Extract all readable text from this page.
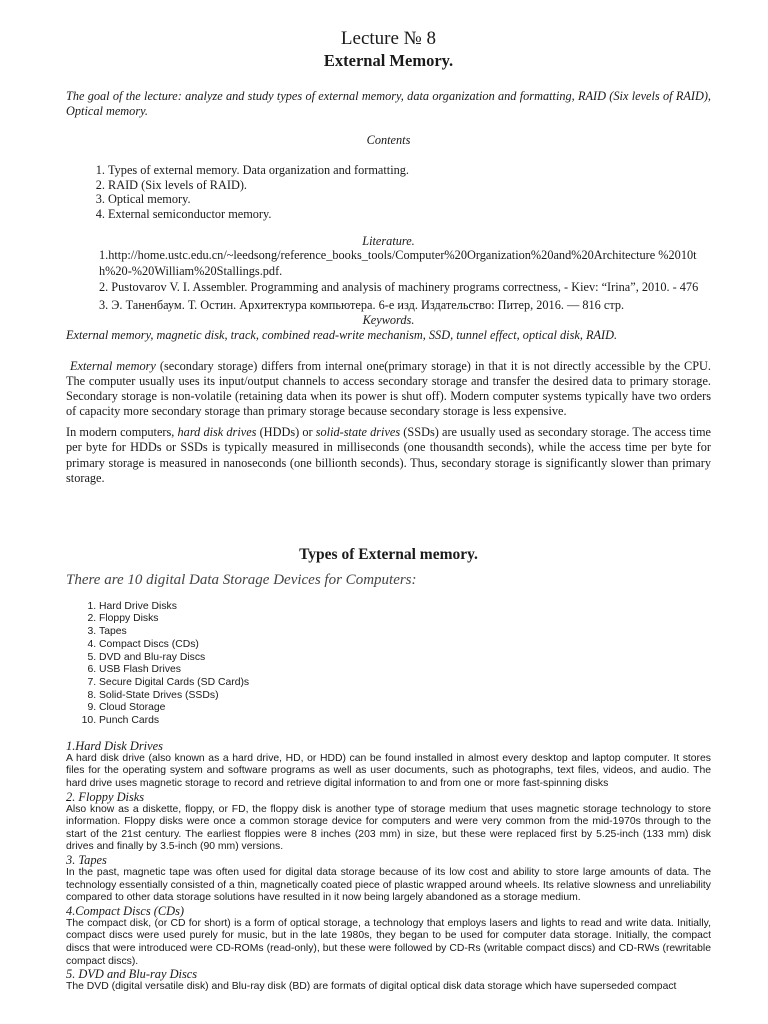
Lecture № 8
External Memory.

The goal of the lecture: analyze and study types of external memory, data organization and formatting, RAID (Six levels of RAID), Optical memory.

Contents

1. Types of external memory. Data organization and formatting.
2. RAID (Six levels of RAID).
3. Optical memory.
4. External semiconductor memory.

Literature.

1.http://home.ustc.edu.cn/~leedsong/reference_books_tools/Computer%20Organization%20and%20Architecture %2010th%20-%20William%20Stallings.pdf.
2. Pustovarov V. I. Assembler. Programming and analysis of machinery programs correctness, - Kiev: “Irina”, 2010. - 476
3. Э. Таненбаум. Т. Остин. Архитектура компьютера. 6-е изд. Издательство: Питер, 2016. — 816 стр.

Keywords.

External memory, magnetic disk, track, combined read-write mechanism, SSD, tunnel effect, optical disk, RAID.

External memory (secondary storage) differs from internal one(primary storage) in that it is not directly accessible by the CPU. The computer usually uses its input/output channels to access secondary storage and transfer the desired data to primary storage. Secondary storage is non-volatile (retaining data when its power is shut off). Modern computer systems typically have two orders of capacity more secondary storage than primary storage because secondary storage is less expensive.

In modern computers, hard disk drives (HDDs) or solid-state drives (SSDs) are usually used as secondary storage. The access time per byte for HDDs or SSDs is typically measured in milliseconds (one thousandth seconds), while the access time per byte for primary storage is measured in nanoseconds (one billionth seconds). Thus, secondary storage is significantly slower than primary storage.

Types of External memory.

There are 10 digital Data Storage Devices for Computers:

1. Hard Drive Disks
2. Floppy Disks
3. Tapes
4. Compact Discs (CDs)
5. DVD and Blu-ray Discs
6. USB Flash Drives
7. Secure Digital Cards (SD Card)s
8. Solid-State Drives (SSDs)
9. Cloud Storage
10. Punch Cards

1.Hard Disk Drives

A hard disk drive (also known as a hard drive, HD, or HDD) can be found installed in almost every desktop and laptop computer. It stores files for the operating system and software programs as well as user documents, such as photographs, text files, videos, and audio. The hard drive uses magnetic storage to record and retrieve digital information to and from one or more fast-spinning disks

2. Floppy Disks

Also know as a diskette, floppy, or FD, the floppy disk is another type of storage medium that uses magnetic storage technology to store information. Floppy disks were once a common storage device for computers and were very common from the mid-1970s through to the start of the 21st century. The earliest floppies were 8 inches (203 mm) in size, but these were replaced first by 5.25-inch (133 mm) disk drives and finally by 3.5-inch (90 mm) versions.

3. Tapes

In the past, magnetic tape was often used for digital data storage because of its low cost and ability to store large amounts of data. The technology essentially consisted of a thin, magnetically coated piece of plastic wrapped around wheels. Its relative slowness and unreliability compared to other data storage solutions have resulted in it now being largely abandoned as a storage medium.

4.Compact Discs (CDs)

The compact disk, (or CD for short) is a form of optical storage, a technology that employs lasers and lights to read and write data. Initially, compact discs were used purely for music, but in the late 1980s, they began to be used for computer data storage. Initially, the compact discs that were introduced were CD-ROMs (read-only), but these were followed by CD-Rs (writable compact discs) and CD-RWs (rewritable compact discs).

5. DVD and Blu-ray Discs

The DVD (digital versatile disk) and Blu-ray disk (BD) are formats of digital optical disk data storage which have superseded compact
